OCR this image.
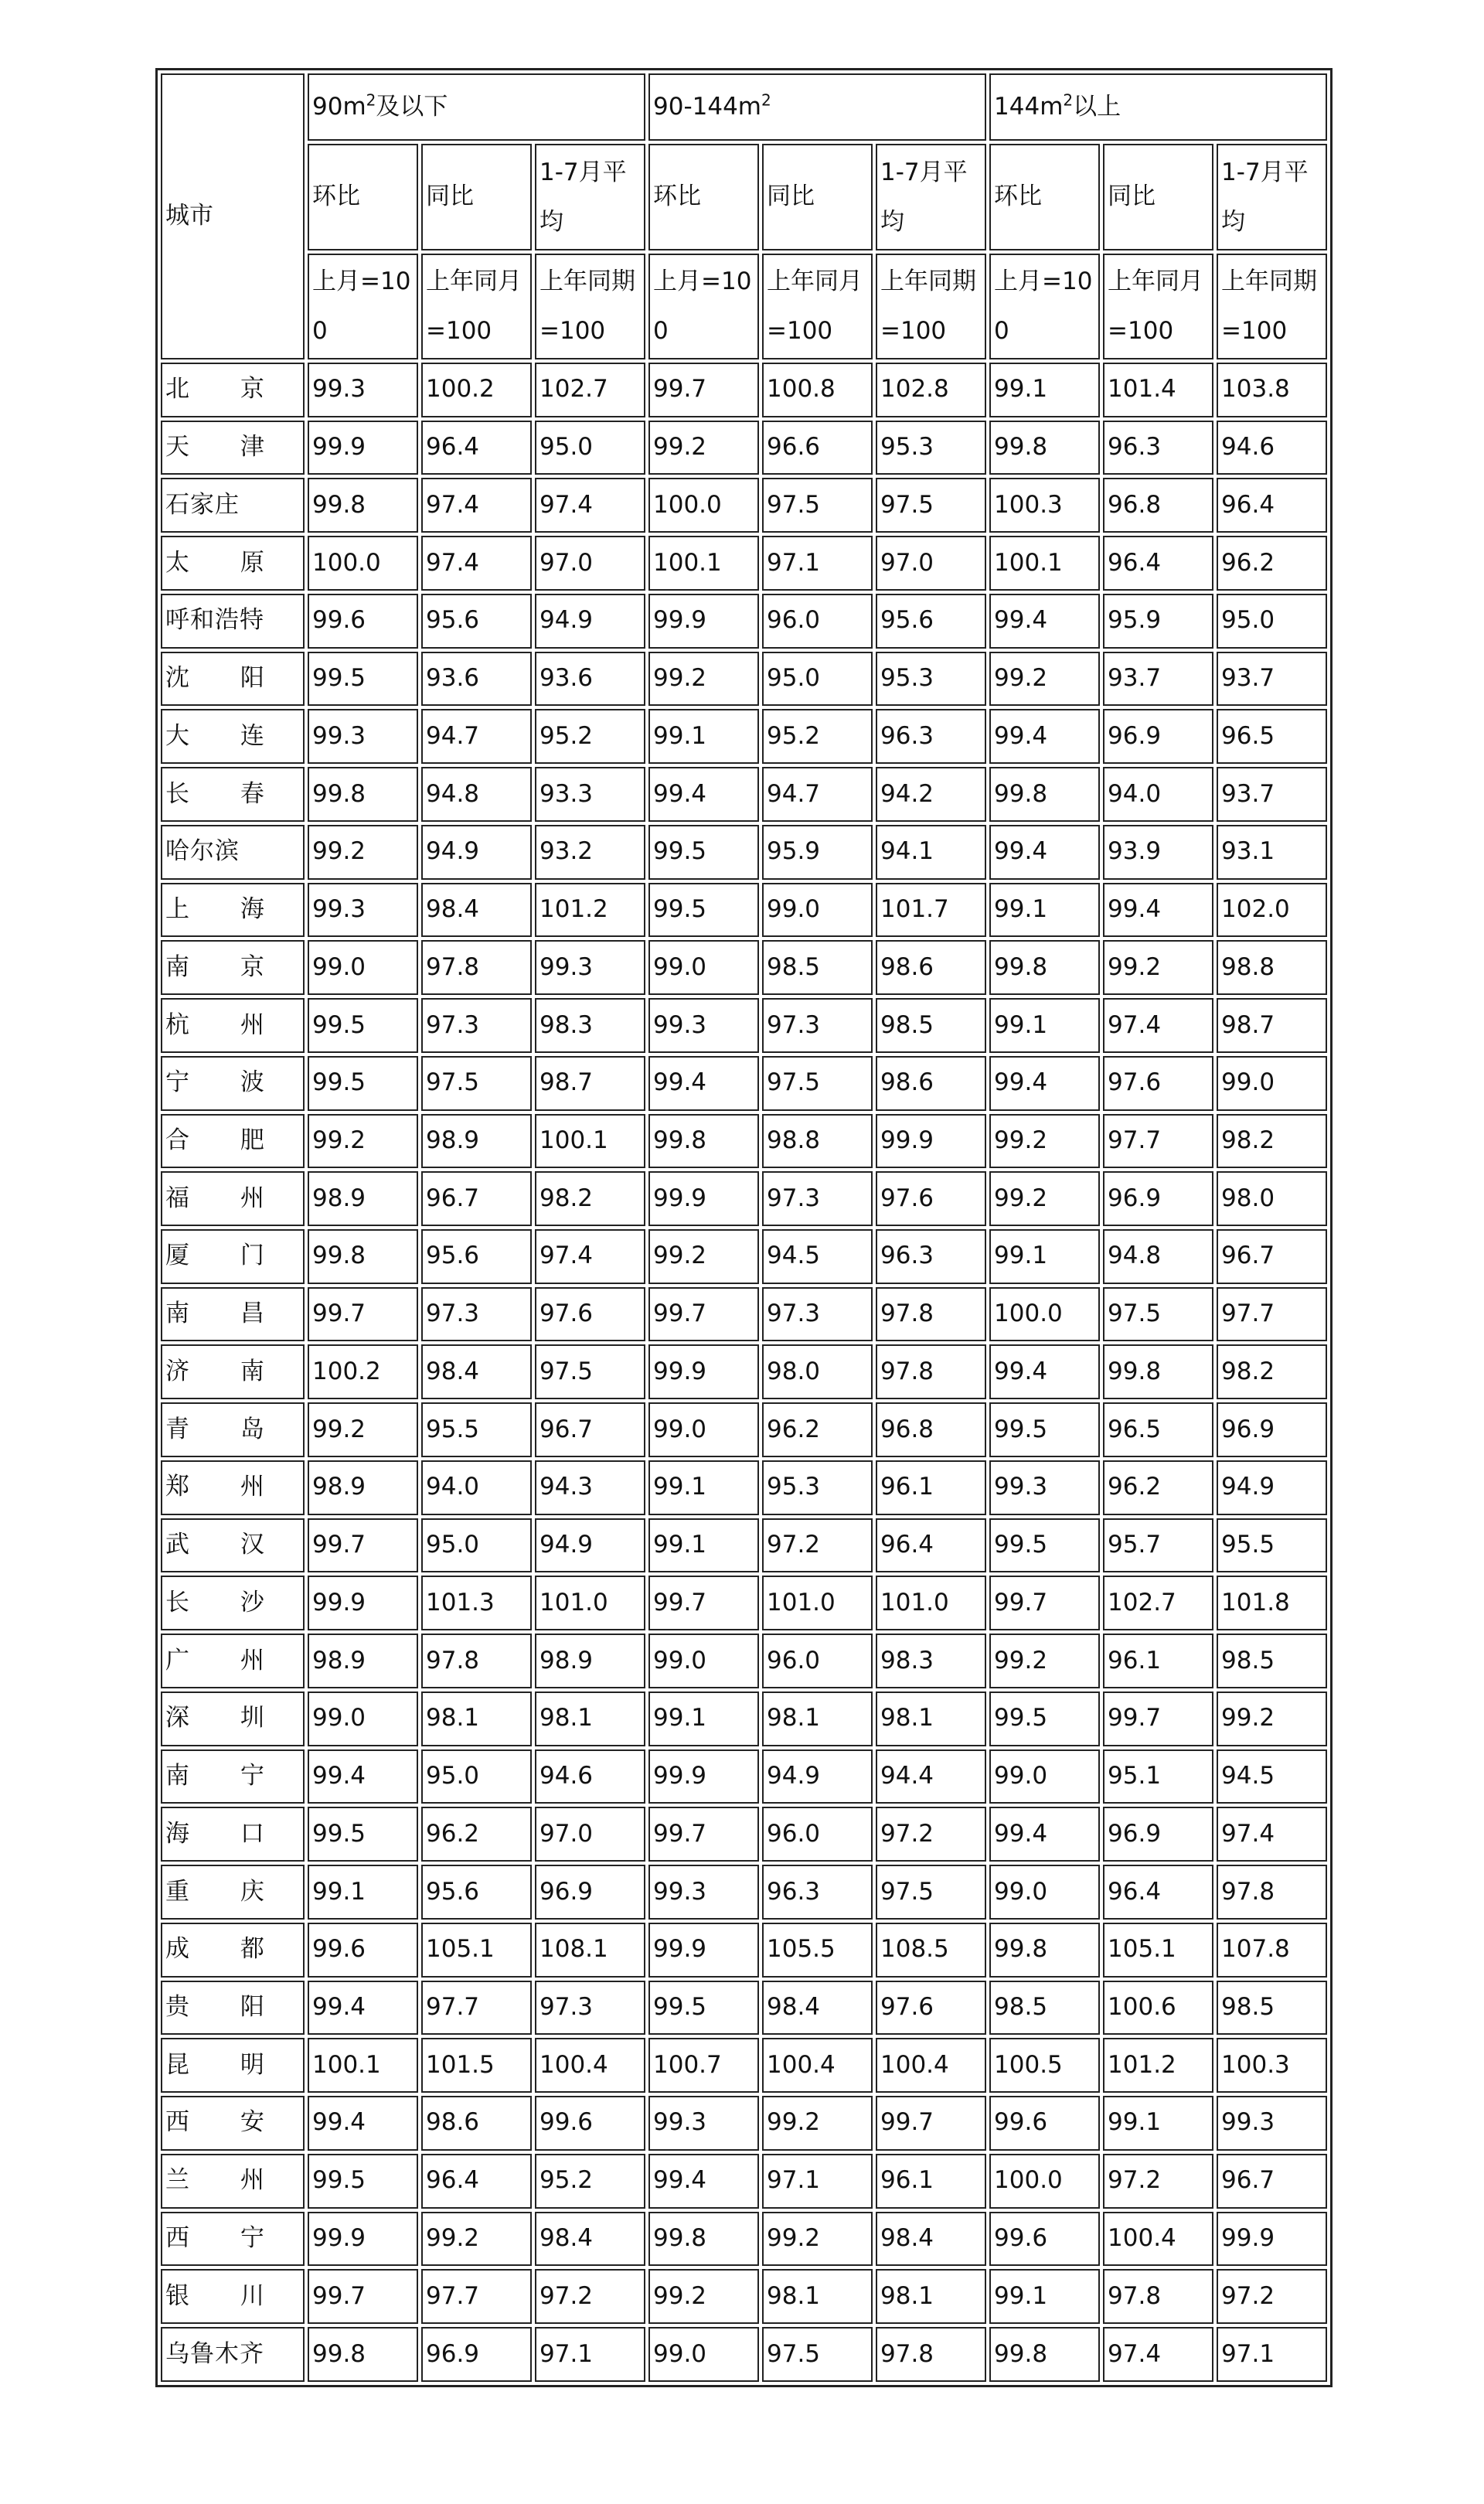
城市	$90m^2$及以下			$90-144m^2$			$144m^2$以上		
	环比	同比	1-7月平均	环比	同比	1-7月平均	环比	同比	1-7月平均
	上月=100	上年同月=100	上年同期=100	上月=100	上年同月=100	上年同期=100	上月=100	上年同月=100	上年同期=100
北 京	99.3	100.2	102.7	99.7	100.8	102.8	99.1	101.4	103.8
天 津	99.9	96.4	95.0	99.2	96.6	95.3	99.8	96.3	94.6
石家庄	99.8	97.4	97.4	100.0	97.5	97.5	100.3	96.8	96.4
太 原	100.0	97.4	97.0	100.1	97.1	97.0	100.1	96.4	96.2
呼和浩特	99.6	95.6	94.9	99.9	96.0	95.6	99.4	95.9	95.0
沈 阳	99.5	93.6	93.6	99.2	95.0	95.3	99.2	93.7	93.7
大 连	99.3	94.7	95.2	99.1	95.2	96.3	99.4	96.9	96.5
长 春	99.8	94.8	93.3	99.4	94.7	94.2	99.8	94.0	93.7
哈尔滨	99.2	94.9	93.2	99.5	95.9	94.1	99.4	93.9	93.1
上 海	99.3	98.4	101.2	99.5	99.0	101.7	99.1	99.4	102.0
南 京	99.0	97.8	99.3	99.0	98.5	98.6	99.8	99.2	98.8
杭 州	99.5	97.3	98.3	99.3	97.3	98.5	99.1	97.4	98.7
宁 波	99.5	97.5	98.7	99.4	97.5	98.6	99.4	97.6	99.0
合 肥	99.2	98.9	100.1	99.8	98.8	99.9	99.2	97.7	98.2
福 州	98.9	96.7	98.2	99.9	97.3	97.6	99.2	96.9	98.0
厦 门	99.8	95.6	97.4	99.2	94.5	96.3	99.1	94.8	96.7
南 昌	99.7	97.3	97.6	99.7	97.3	97.8	100.0	97.5	97.7
济 南	100.2	98.4	97.5	99.9	98.0	97.8	99.4	99.8	98.2
青 岛	99.2	95.5	96.7	99.0	96.2	96.8	99.5	96.5	96.9
郑 州	98.9	94.0	94.3	99.1	95.3	96.1	99.3	96.2	94.9
武 汉	99.7	95.0	94.9	99.1	97.2	96.4	99.5	95.7	95.5
长 沙	99.9	101.3	101.0	99.7	101.0	101.0	99.7	102.7	101.8
广 州	98.9	97.8	98.9	99.0	96.0	98.3	99.2	96.1	98.5
深 圳	99.0	98.1	98.1	99.1	98.1	98.1	99.5	99.7	99.2
南 宁	99.4	95.0	94.6	99.9	94.9	94.4	99.0	95.1	94.5
海 口	99.5	96.2	97.0	99.7	96.0	97.2	99.4	96.9	97.4
重 庆	99.1	95.6	96.9	99.3	96.3	97.5	99.0	96.4	97.8
成 都	99.6	105.1	108.1	99.9	105.5	108.5	99.8	105.1	107.8
贵 阳	99.4	97.7	97.3	99.5	98.4	97.6	98.5	100.6	98.5
昆 明	100.1	101.5	100.4	100.7	100.4	100.4	100.5	101.2	100.3
西 安	99.4	98.6	99.6	99.3	99.2	99.7	99.6	99.1	99.3
兰 州	99.5	96.4	95.2	99.4	97.1	96.1	100.0	97.2	96.7
西 宁	99.9	99.2	98.4	99.8	99.2	98.4	99.6	100.4	99.9
银 川	99.7	97.7	97.2	99.2	98.1	98.1	99.1	97.8	97.2
乌鲁木齐	99.8	96.9	97.1	99.0	97.5	97.8	99.8	97.4	97.1
